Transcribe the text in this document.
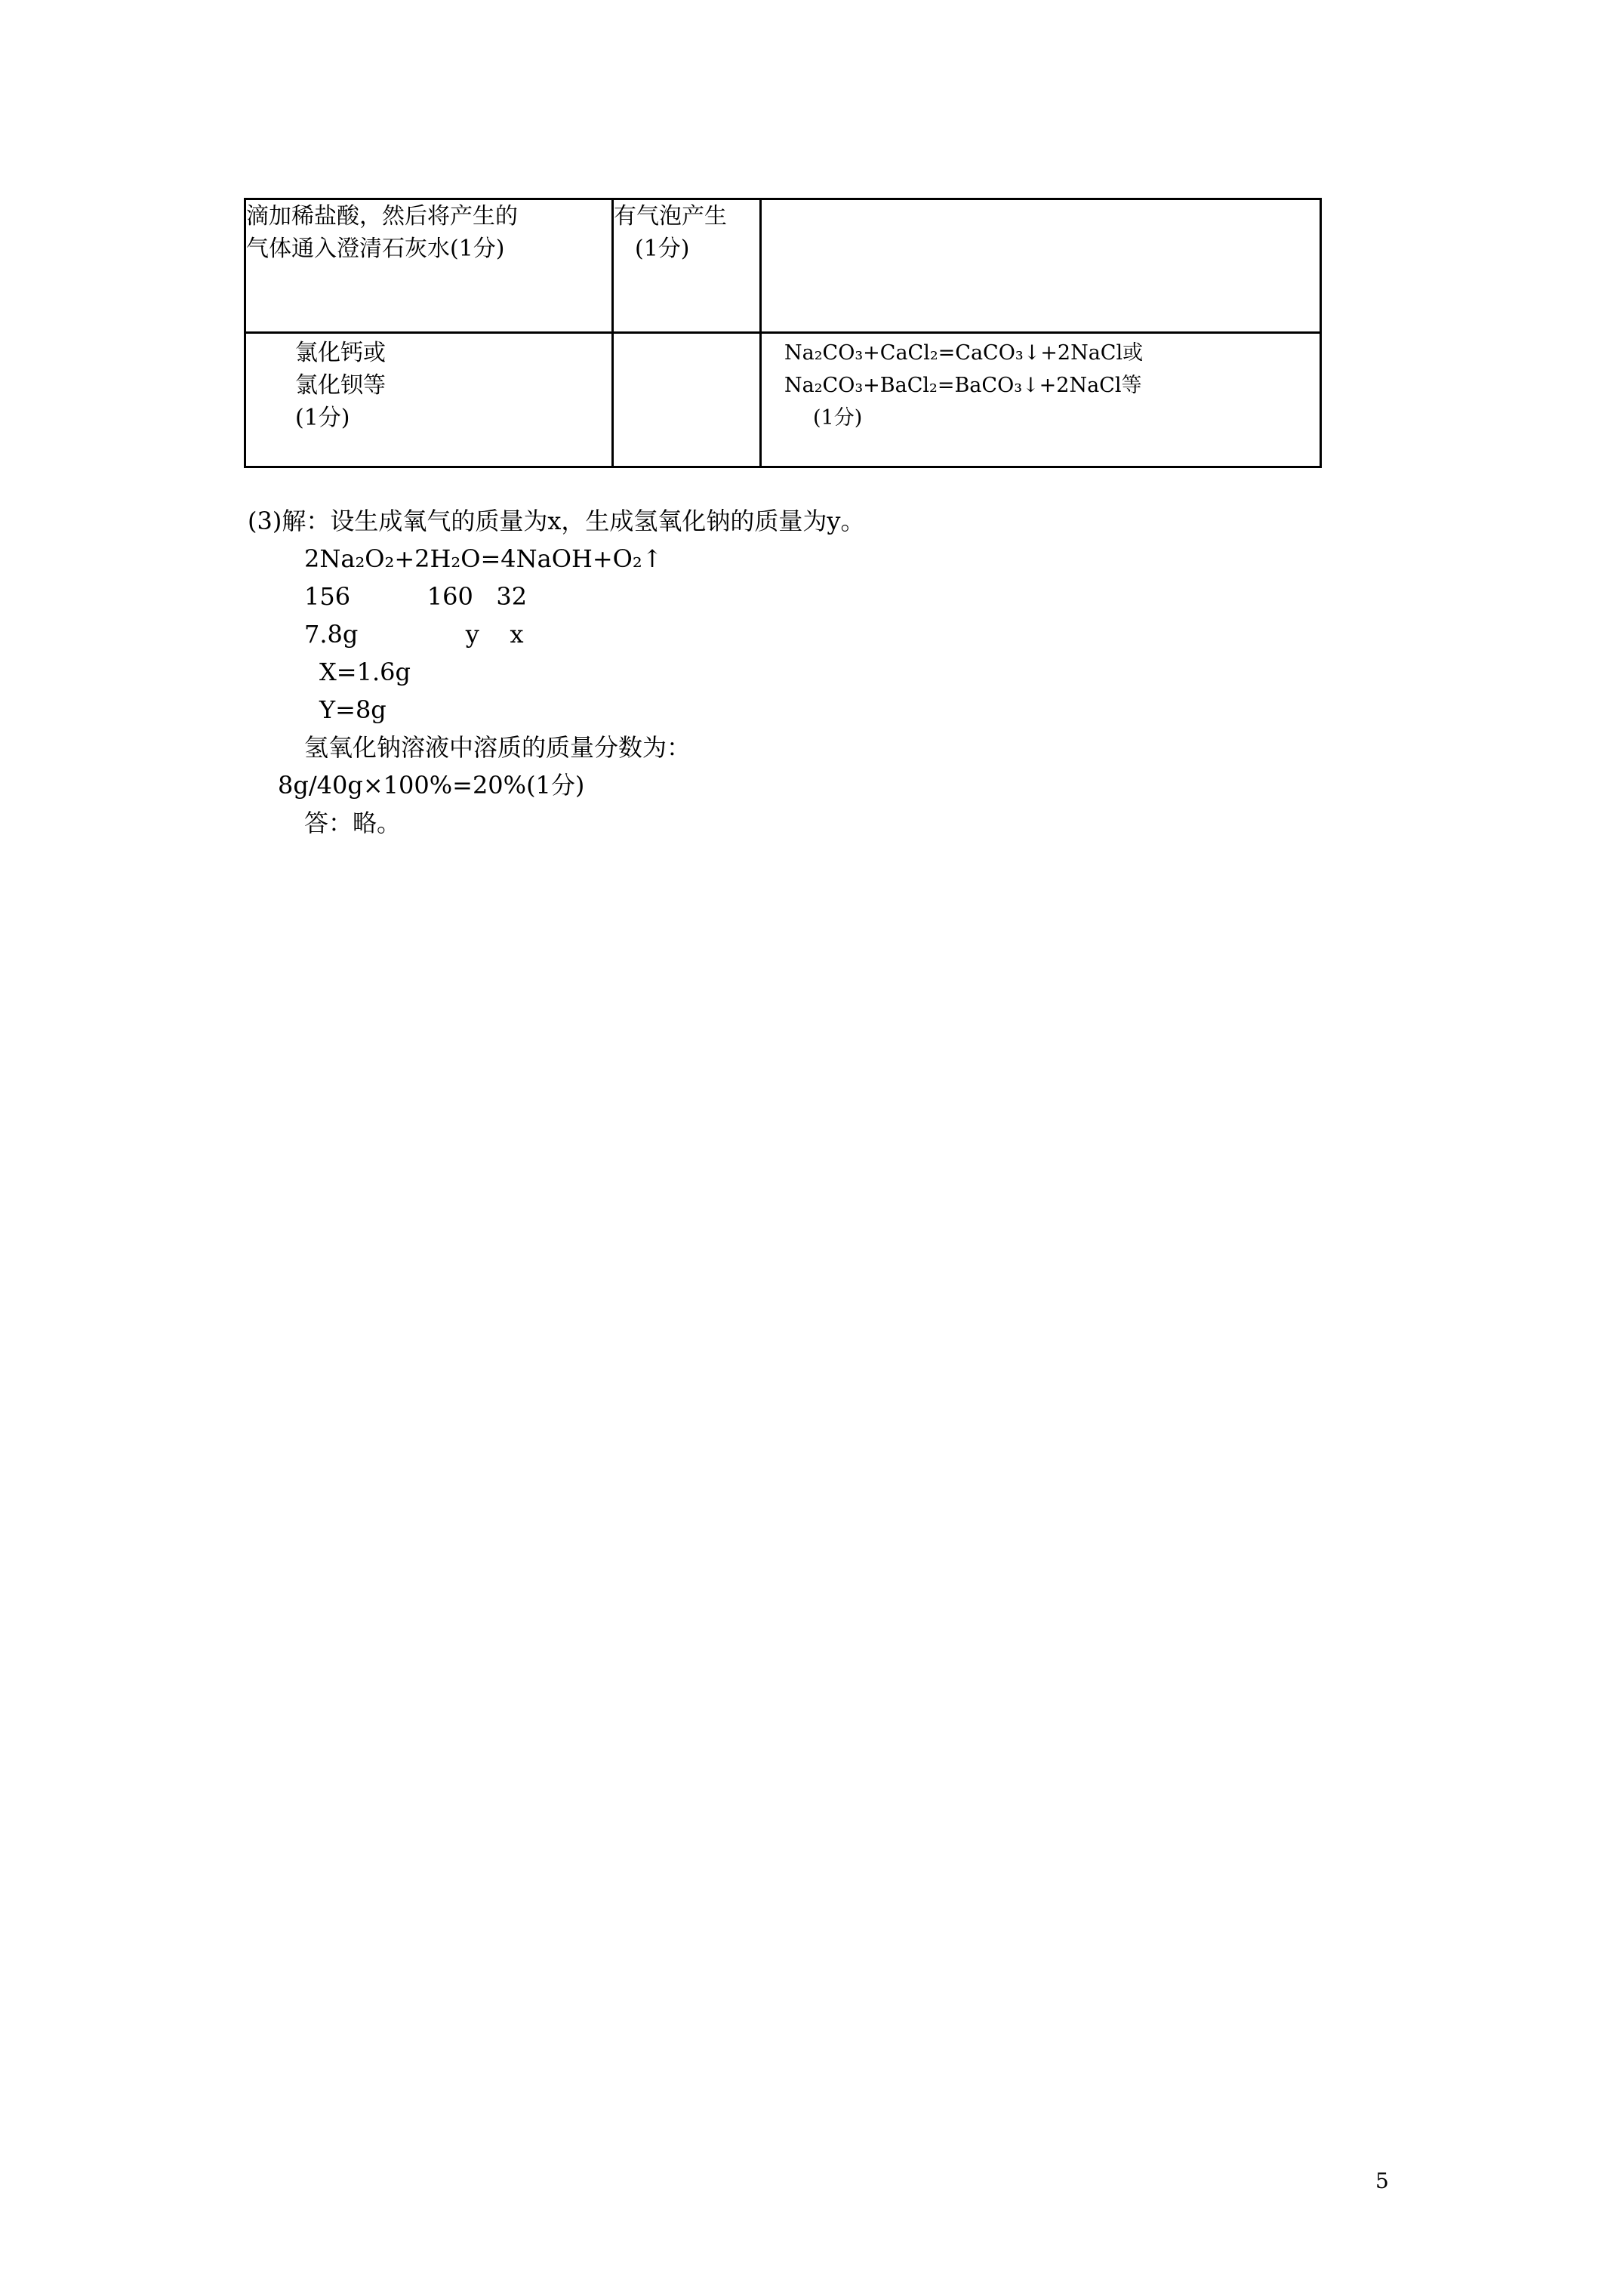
滴加稀盐酸，然后将产生的
气体通入澄清石灰水(1分)	有气泡产生
(1分)	

氯化钙或
氯化钡等
(1分)		Na₂CO₃+CaCl₂=CaCO₃↓+2NaCl或
Na₂CO₃+BaCl₂=BaCO₃↓+2NaCl等
(1分)
(3)解：设生成氧气的质量为x，生成氢氧化钠的质量为y。
2Na₂O₂+2H₂O=4NaOH+O₂↑
156          160   32
7.8g              y    x
X=1.6g
Y=8g
氢氧化钠溶液中溶质的质量分数为：
8g/40g×100%=20%(1分)
答：略。
5
